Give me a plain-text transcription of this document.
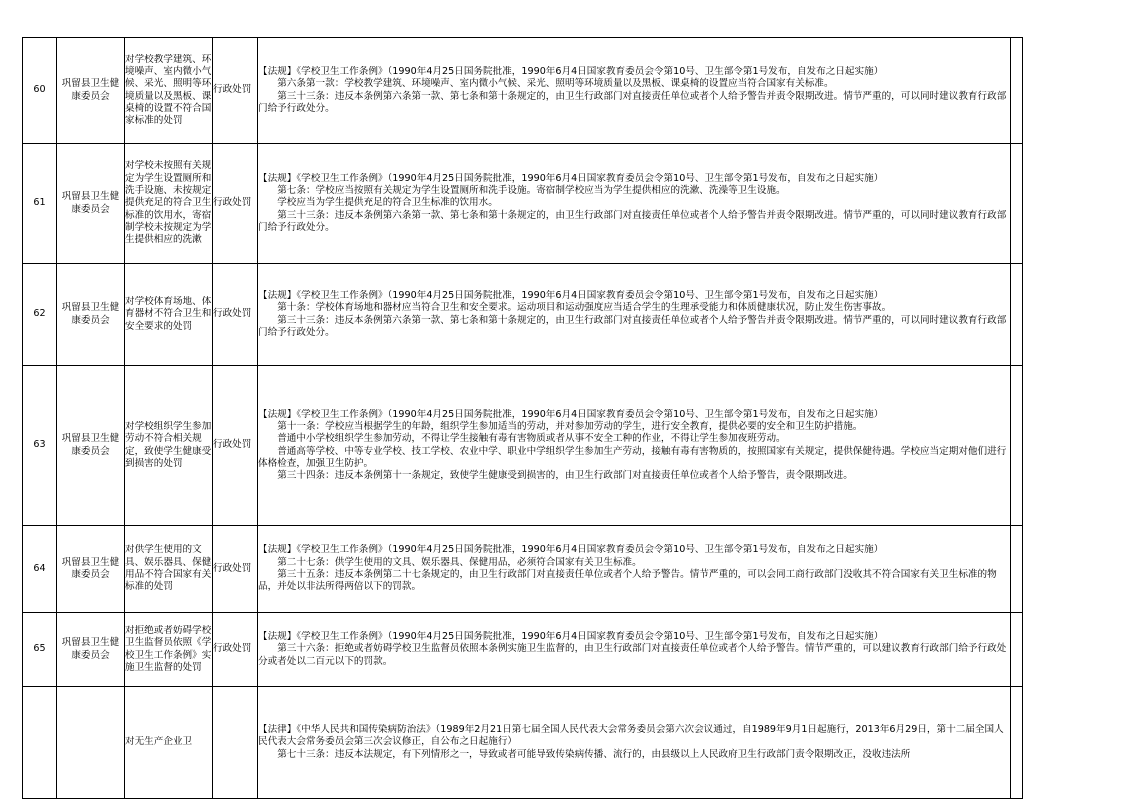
60	巩留县卫生健康委员会	对学校教学建筑、环境噪声、室内微小气候、采光、照明等环境质量以及黑板、课桌椅的设置不符合国家标准的处罚	行政处罚	【法规】《学校卫生工作条例》（1990年4月25日国务院批准，1990年6月4日国家教育委员会令第10号、卫生部令第1号发布，自发布之日起实施）

第六条第一款：学校教学建筑、环境噪声、室内微小气候、采光、照明等环境质量以及黑板、课桌椅的设置应当符合国家有关标准。

第三十三条：违反本条例第六条第一款、第七条和第十条规定的，由卫生行政部门对直接责任单位或者个人给予警告并责令限期改进。情节严重的，可以同时建议教育行政部门给予行政处分。	

61	巩留县卫生健康委员会	对学校未按照有关规定为学生设置厕所和洗手设施、未按规定提供充足的符合卫生标准的饮用水，寄宿制学校未按规定为学生提供相应的洗漱	行政处罚	【法规】《学校卫生工作条例》（1990年4月25日国务院批准，1990年6月4日国家教育委员会令第10号、卫生部令第1号发布，自发布之日起实施）

第七条：学校应当按照有关规定为学生设置厕所和洗手设施。寄宿制学校应当为学生提供相应的洗漱、洗澡等卫生设施。

学校应当为学生提供充足的符合卫生标准的饮用水。

第三十三条：违反本条例第六条第一款、第七条和第十条规定的，由卫生行政部门对直接责任单位或者个人给予警告并责令限期改进。情节严重的，可以同时建议教育行政部门给予行政处分。	

62	巩留县卫生健康委员会	对学校体育场地、体育器材不符合卫生和安全要求的处罚	行政处罚	【法规】《学校卫生工作条例》（1990年4月25日国务院批准，1990年6月4日国家教育委员会令第10号、卫生部令第1号发布，自发布之日起实施）

第十条：学校体育场地和器材应当符合卫生和安全要求。运动项目和运动强度应当适合学生的生理承受能力和体质健康状况，防止发生伤害事故。

第三十三条：违反本条例第六条第一款、第七条和第十条规定的，由卫生行政部门对直接责任单位或者个人给予警告并责令限期改进。情节严重的，可以同时建议教育行政部门给予行政处分。	

63	巩留县卫生健康委员会	对学校组织学生参加劳动不符合相关规定，致使学生健康受到损害的处罚	行政处罚	【法规】《学校卫生工作条例》（1990年4月25日国务院批准，1990年6月4日国家教育委员会令第10号、卫生部令第1号发布，自发布之日起实施）

第十一条：学校应当根据学生的年龄，组织学生参加适当的劳动，并对参加劳动的学生，进行安全教育，提供必要的安全和卫生防护措施。

普通中小学校组织学生参加劳动，不得让学生接触有毒有害物质或者从事不安全工种的作业，不得让学生参加夜班劳动。

普通高等学校、中等专业学校、技工学校、农业中学、职业中学组织学生参加生产劳动，接触有毒有害物质的，按照国家有关规定，提供保健待遇。学校应当定期对他们进行体格检查，加强卫生防护。

第三十四条：违反本条例第十一条规定，致使学生健康受到损害的，由卫生行政部门对直接责任单位或者个人给予警告，责令限期改进。	

64	巩留县卫生健康委员会	对供学生使用的文具、娱乐器具、保健用品不符合国家有关标准的处罚	行政处罚	【法规】《学校卫生工作条例》（1990年4月25日国务院批准，1990年6月4日国家教育委员会令第10号、卫生部令第1号发布，自发布之日起实施）

第二十七条：供学生使用的文具、娱乐器具、保健用品，必须符合国家有关卫生标准。

第三十五条：违反本条例第二十七条规定的，由卫生行政部门对直接责任单位或者个人给予警告。情节严重的，可以会同工商行政部门没收其不符合国家有关卫生标准的物品，并处以非法所得两倍以下的罚款。	

65	巩留县卫生健康委员会	对拒绝或者妨碍学校卫生监督员依照《学校卫生工作条例》实施卫生监督的处罚	行政处罚	【法规】《学校卫生工作条例》（1990年4月25日国务院批准，1990年6月4日国家教育委员会令第10号、卫生部令第1号发布，自发布之日起实施）

第三十六条：拒绝或者妨碍学校卫生监督员依照本条例实施卫生监督的，由卫生行政部门对直接责任单位或者个人给予警告。情节严重的，可以建议教育行政部门给予行政处分或者处以二百元以下的罚款。	

		对无生产企业卫		【法律】《中华人民共和国传染病防治法》（1989年2月21日第七届全国人民代表大会常务委员会第六次会议通过，自1989年9月1日起施行，2013年6月29日，第十二届全国人民代表大会常务委员会第三次会议修正，自公布之日起施行）

第七十三条：违反本法规定，有下列情形之一，导致或者可能导致传染病传播、流行的，由县级以上人民政府卫生行政部门责令限期改正，没收违法所	
